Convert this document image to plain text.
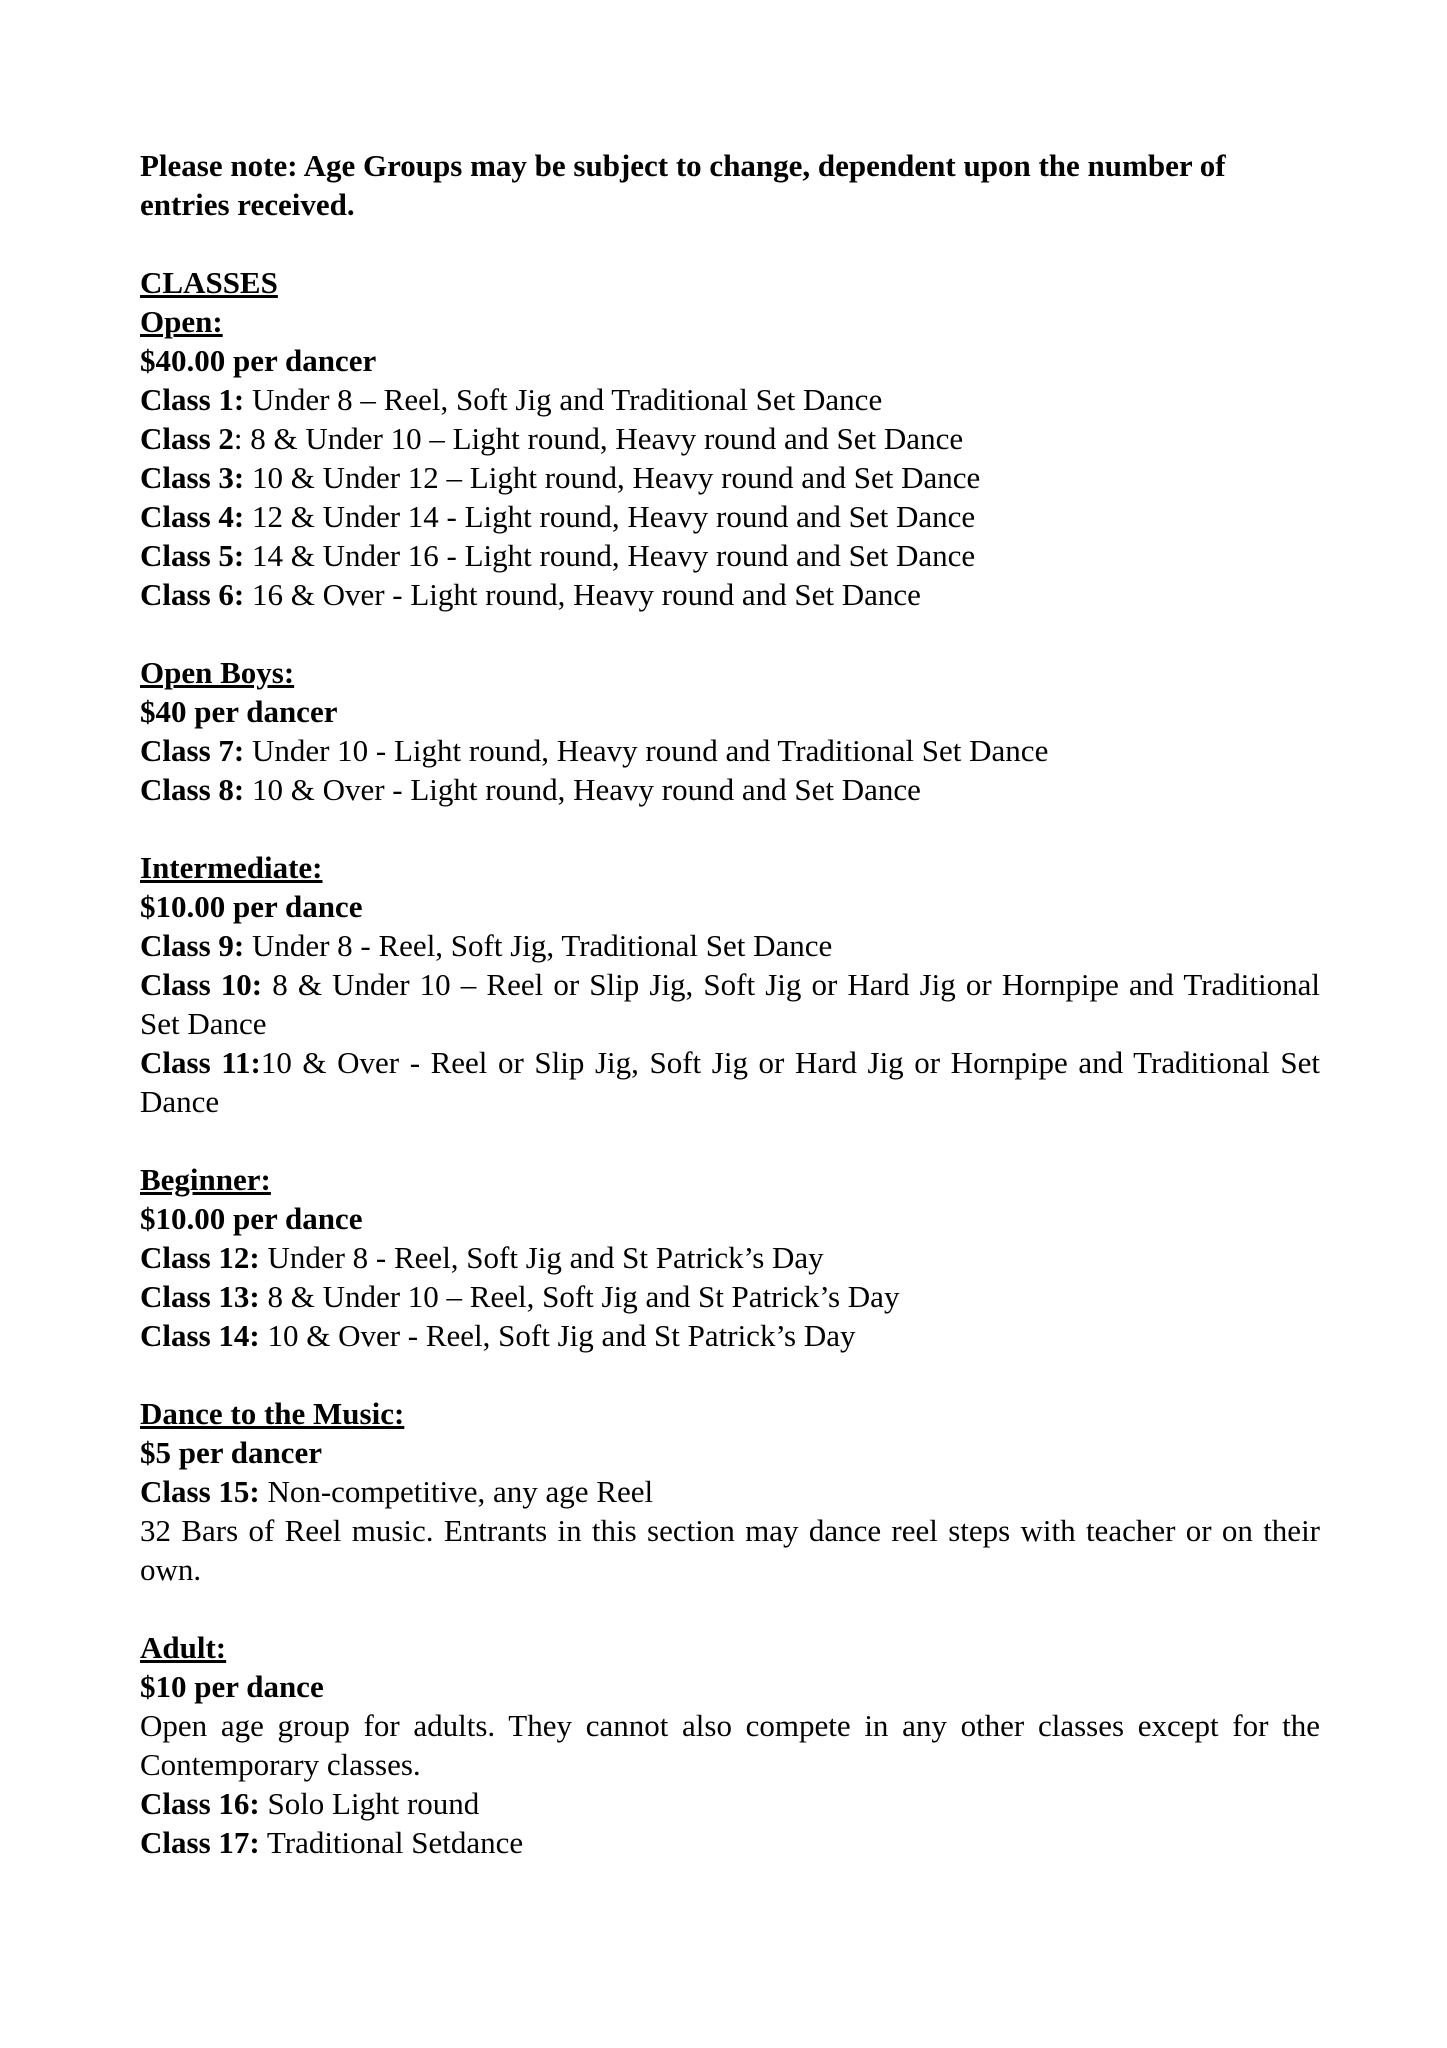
Please note: Age Groups may be subject to change, dependent upon the number of entries received.

CLASSES
Open:
$40.00 per dancer
Class 1: Under 8 – Reel, Soft Jig and Traditional Set Dance
Class 2: 8 & Under 10 – Light round, Heavy round and Set Dance
Class 3: 10 & Under 12 – Light round, Heavy round and Set Dance
Class 4: 12 & Under 14 - Light round, Heavy round and Set Dance
Class 5: 14 & Under 16 - Light round, Heavy round and Set Dance
Class 6: 16 & Over - Light round, Heavy round and Set Dance
Open Boys:
$40 per dancer
Class 7: Under 10 - Light round, Heavy round and Traditional Set Dance
Class 8: 10 & Over - Light round, Heavy round and Set Dance
Intermediate:
$10.00 per dance
Class 9: Under 8 - Reel, Soft Jig, Traditional Set Dance
Class 10: 8 & Under 10 – Reel or Slip Jig, Soft Jig or Hard Jig or Hornpipe and Traditional Set Dance
Class 11:10 & Over - Reel or Slip Jig, Soft Jig or Hard Jig or Hornpipe and Traditional Set Dance
Beginner:
$10.00 per dance
Class 12: Under 8 - Reel, Soft Jig and St Patrick’s Day
Class 13: 8 & Under 10 – Reel, Soft Jig and St Patrick’s Day
Class 14: 10 & Over - Reel, Soft Jig and St Patrick’s Day
Dance to the Music:
$5 per dancer
Class 15: Non-competitive, any age Reel
32 Bars of Reel music. Entrants in this section may dance reel steps with teacher or on their own.
Adult:
$10 per dance
Open age group for adults. They cannot also compete in any other classes except for the Contemporary classes.
Class 16: Solo Light round
Class 17: Traditional Setdance
